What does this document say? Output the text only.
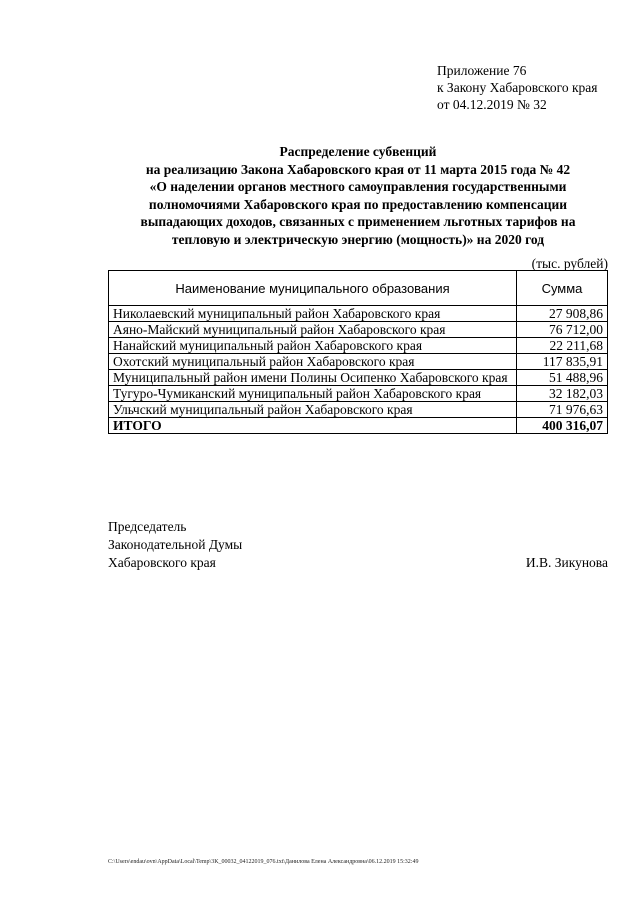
Приложение 76
к Закону Хабаровского края
от 04.12.2019 № 32
Распределение субвенций
на реализацию Закона Хабаровского края от 11 марта 2015 года № 42
«О наделении органов местного самоуправления государственными
полномочиями Хабаровского края по предоставлению компенсации
выпадающих доходов, связанных с применением льготных тарифов на
тепловую и электрическую энергию (мощность)» на 2020 год
(тыс. рублей)
Наименование муниципального образования	Сумма
Николаевский муниципальный район Хабаровского края	27 908,86
Аяно-Майский муниципальный район Хабаровского края	76 712,00
Нанайский муниципальный район Хабаровского края	22 211,68
Охотский муниципальный район Хабаровского края	117 835,91
Муниципальный район имени Полины Осипенко Хабаровского края	51 488,96
Тугуро-Чумиканский муниципальный район Хабаровского края	32 182,03
Ульчский муниципальный район Хабаровского края	71 976,63
ИТОГО	400 316,07
Председатель
Законодательной Думы
Хабаровского края	И.В. Зикунова
C:\Users\endau\ovn\AppData\Local\Temp\3K_00032_04122019_076.txt\Данилова Елена Александровна\06.12.2019 15:32:49
